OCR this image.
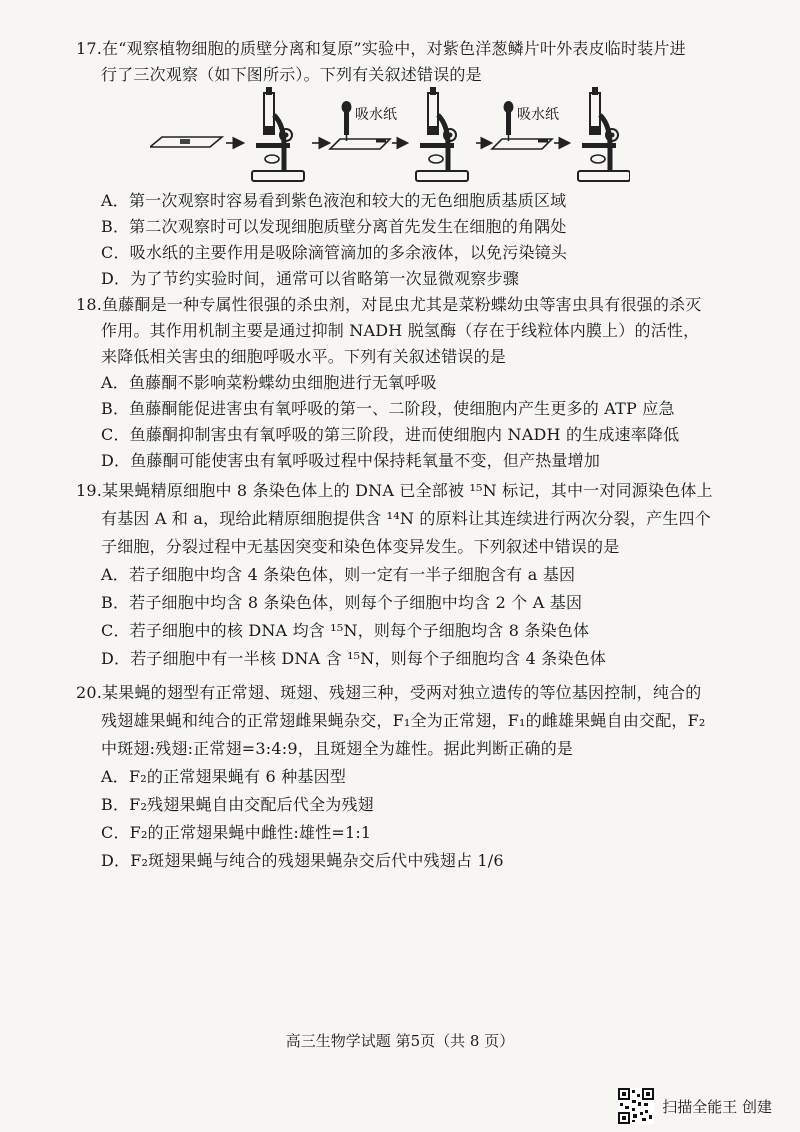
17.在“观察植物细胞的质壁分离和复原”实验中，对紫色洋葱鳞片叶外表皮临时装片进
行了三次观察（如下图所示）。下列有关叙述错误的是
吸水纸	吸水纸
A．第一次观察时容易看到紫色液泡和较大的无色细胞质基质区域
B．第二次观察时可以发现细胞质壁分离首先发生在细胞的角隅处
C．吸水纸的主要作用是吸除滴管滴加的多余液体，以免污染镜头
D．为了节约实验时间，通常可以省略第一次显微观察步骤
18.鱼藤酮是一种专属性很强的杀虫剂，对昆虫尤其是菜粉蝶幼虫等害虫具有很强的杀灭
作用。其作用机制主要是通过抑制 NADH 脱氢酶（存在于线粒体内膜上）的活性，
来降低相关害虫的细胞呼吸水平。下列有关叙述错误的是
A．鱼藤酮不影响菜粉蝶幼虫细胞进行无氧呼吸
B．鱼藤酮能促进害虫有氧呼吸的第一、二阶段，使细胞内产生更多的 ATP 应急
C．鱼藤酮抑制害虫有氧呼吸的第三阶段，进而使细胞内 NADH 的生成速率降低
D．鱼藤酮可能使害虫有氧呼吸过程中保持耗氧量不变，但产热量增加
19.某果蝇精原细胞中 8 条染色体上的 DNA 已全部被 ¹⁵N 标记，其中一对同源染色体上
有基因 A 和 a，现给此精原细胞提供含 ¹⁴N 的原料让其连续进行两次分裂，产生四个
子细胞，分裂过程中无基因突变和染色体变异发生。下列叙述中错误的是
A．若子细胞中均含 4 条染色体，则一定有一半子细胞含有 a 基因
B．若子细胞中均含 8 条染色体，则每个子细胞中均含 2 个 A 基因
C．若子细胞中的核 DNA 均含 ¹⁵N，则每个子细胞均含 8 条染色体
D．若子细胞中有一半核 DNA 含 ¹⁵N，则每个子细胞均含 4 条染色体
20.某果蝇的翅型有正常翅、斑翅、残翅三种，受两对独立遗传的等位基因控制，纯合的
残翅雄果蝇和纯合的正常翅雌果蝇杂交，F₁全为正常翅，F₁的雌雄果蝇自由交配，F₂
中斑翅:残翅:正常翅=3:4:9，且斑翅全为雄性。据此判断正确的是
A．F₂的正常翅果蝇有 6 种基因型
B．F₂残翅果蝇自由交配后代全为残翅
C．F₂的正常翅果蝇中雌性:雄性=1:1
D．F₂斑翅果蝇与纯合的残翅果蝇杂交后代中残翅占 1/6
高三生物学试题 第5页（共 8 页）
扫描全能王 创建
